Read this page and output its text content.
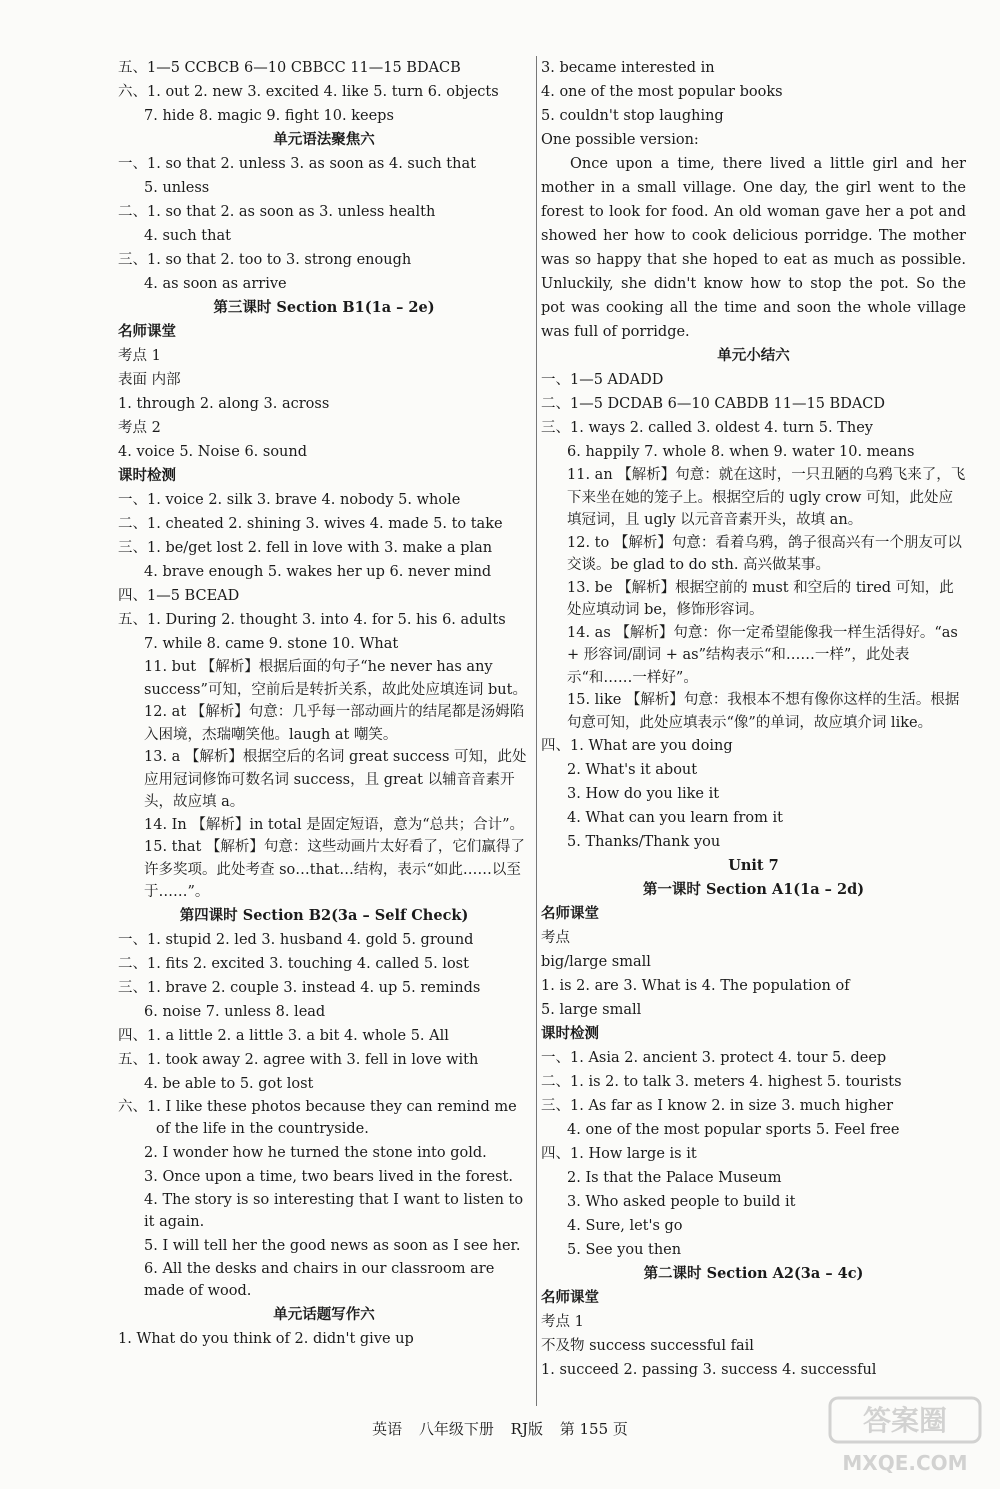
五、1—5 CCBCB 6—10 CBBCC 11—15 BDACB
六、1. out 2. new 3. excited 4. like 5. turn 6. objects
7. hide 8. magic 9. fight 10. keeps
单元语法聚焦六
一、1. so that 2. unless 3. as soon as 4. such that
5. unless
二、1. so that 2. as soon as 3. unless health
4. such that
三、1. so that 2. too to 3. strong enough
4. as soon as arrive
第三课时 Section B1(1a – 2e)
名师课堂
考点 1
表面 内部
1. through 2. along 3. across
考点 2
4. voice 5. Noise 6. sound
课时检测
一、1. voice 2. silk 3. brave 4. nobody 5. whole
二、1. cheated 2. shining 3. wives 4. made 5. to take
三、1. be/get lost 2. fell in love with 3. make a plan
4. brave enough 5. wakes her up 6. never mind
四、1—5 BCEAD
五、1. During 2. thought 3. into 4. for 5. his 6. adults
7. while 8. came 9. stone 10. What
11. but 【解析】根据后面的句子“he never has any success”可知，空前后是转折关系，故此处应填连词 but。
12. at 【解析】句意：几乎每一部动画片的结尾都是汤姆陷入困境，杰瑞嘲笑他。laugh at 嘲笑。
13. a 【解析】根据空后的名词 great success 可知，此处应用冠词修饰可数名词 success，且 great 以辅音音素开头，故应填 a。
14. In 【解析】in total 是固定短语，意为“总共；合计”。
15. that 【解析】句意：这些动画片太好看了，它们赢得了许多奖项。此处考查 so…that…结构，表示“如此……以至于……”。
第四课时 Section B2(3a – Self Check)
一、1. stupid 2. led 3. husband 4. gold 5. ground
二、1. fits 2. excited 3. touching 4. called 5. lost
三、1. brave 2. couple 3. instead 4. up 5. reminds
6. noise 7. unless 8. lead
四、1. a little 2. a little 3. a bit 4. whole 5. All
五、1. took away 2. agree with 3. fell in love with
4. be able to 5. got lost
六、1. I like these photos because they can remind me of the life in the countryside.
2. I wonder how he turned the stone into gold.
3. Once upon a time, two bears lived in the forest.
4. The story is so interesting that I want to listen to it again.
5. I will tell her the good news as soon as I see her.
6. All the desks and chairs in our classroom are made of wood.
单元话题写作六
1. What do you think of 2. didn't give up
3. became interested in
4. one of the most popular books
5. couldn't stop laughing
One possible version:
Once upon a time, there lived a little girl and her mother in a small village. One day, the girl went to the forest to look for food. An old woman gave her a pot and showed her how to cook delicious porridge. The mother was so happy that she hoped to eat as much as possible. Unluckily, she didn't know how to stop the pot. So the pot was cooking all the time and soon the whole village was full of porridge.
单元小结六
一、1—5 ADADD
二、1—5 DCDAB 6—10 CABDB 11—15 BDACD
三、1. ways 2. called 3. oldest 4. turn 5. They
6. happily 7. whole 8. when 9. water 10. means
11. an 【解析】句意：就在这时，一只丑陋的乌鸦飞来了，飞下来坐在她的笼子上。根据空后的 ugly crow 可知，此处应填冠词，且 ugly 以元音音素开头，故填 an。
12. to 【解析】句意：看着乌鸦，鸽子很高兴有一个朋友可以交谈。be glad to do sth. 高兴做某事。
13. be 【解析】根据空前的 must 和空后的 tired 可知，此处应填动词 be，修饰形容词。
14. as 【解析】句意：你一定希望能像我一样生活得好。“as + 形容词/副词 + as”结构表示“和……一样”，此处表示“和……一样好”。
15. like 【解析】句意：我根本不想有像你这样的生活。根据句意可知，此处应填表示“像”的单词，故应填介词 like。
四、1. What are you doing
2. What's it about
3. How do you like it
4. What can you learn from it
5. Thanks/Thank you
Unit 7
第一课时 Section A1(1a – 2d)
名师课堂
考点
big/large small
1. is 2. are 3. What is 4. The population of
5. large small
课时检测
一、1. Asia 2. ancient 3. protect 4. tour 5. deep
二、1. is 2. to talk 3. meters 4. highest 5. tourists
三、1. As far as I know 2. in size 3. much higher
4. one of the most popular sports 5. Feel free
四、1. How large is it
2. Is that the Palace Museum
3. Who asked people to build it
4. Sure, let's go
5. See you then
第二课时 Section A2(3a – 4c)
名师课堂
考点 1
不及物 success successful fail
1. succeed 2. passing 3. success 4. successful
英语 八年级下册 RJ版 第 155 页	答案圈
MXQE.COM
